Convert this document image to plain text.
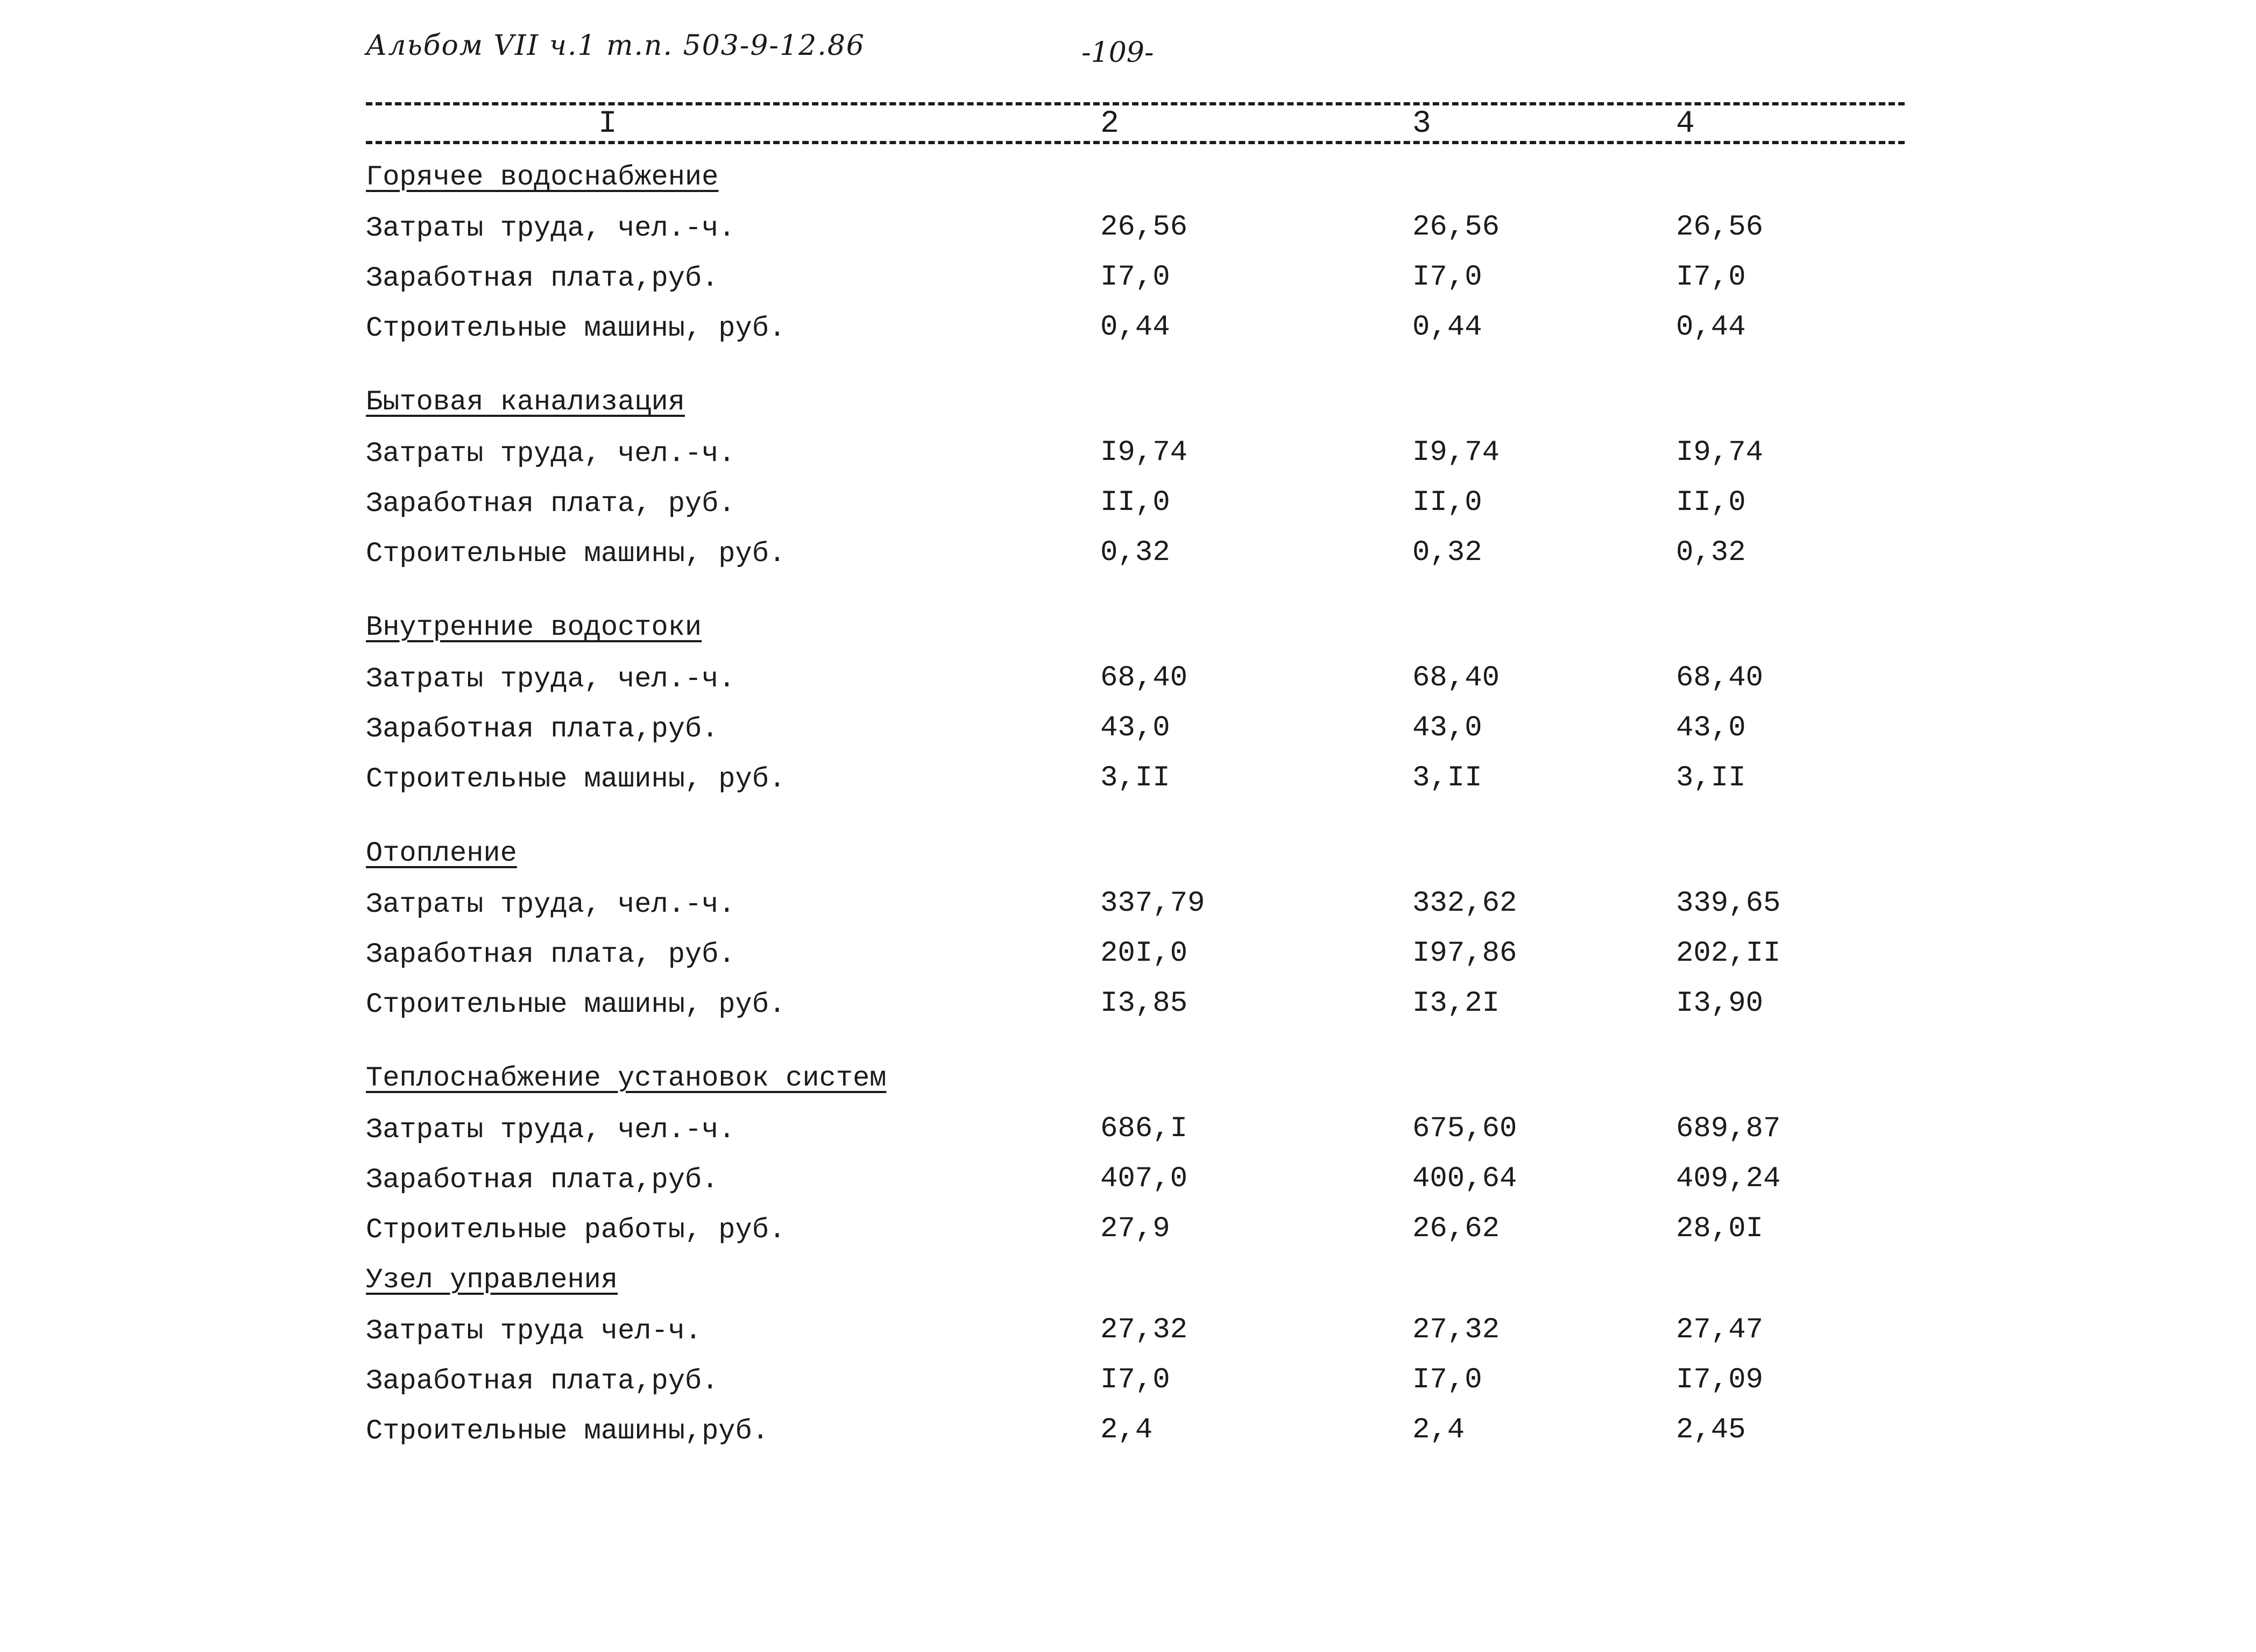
Альбом VII ч.1 т.п. 503-9-12.86	-109-
I	2	3	4
Горячее водоснабжение
Затраты труда, чел.-ч.	26,56	26,56	26,56
Заработная плата,руб.	I7,0	I7,0	I7,0
Строительные машины, руб.	0,44	0,44	0,44
Бытовая канализация
Затраты труда, чел.-ч.	I9,74	I9,74	I9,74
Заработная плата, руб.	II,0	II,0	II,0
Строительные машины, руб.	0,32	0,32	0,32
Внутренние водостоки
Затраты труда, чел.-ч.	68,40	68,40	68,40
Заработная плата,руб.	43,0	43,0	43,0
Строительные машины, руб.	3,II	3,II	3,II
Отопление
Затраты труда, чел.-ч.	337,79	332,62	339,65
Заработная плата, руб.	20I,0	I97,86	202,II
Строительные машины, руб.	I3,85	I3,2I	I3,90
Теплоснабжение установок систем
Затраты труда, чел.-ч.	686,I	675,60	689,87
Заработная плата,руб.	407,0	400,64	409,24
Строительные работы, руб.	27,9	26,62	28,0I
Узел управления
Затраты труда чел-ч.	27,32	27,32	27,47
Заработная плата,руб.	I7,0	I7,0	I7,09
Строительные машины,руб.	2,4	2,4	2,45
